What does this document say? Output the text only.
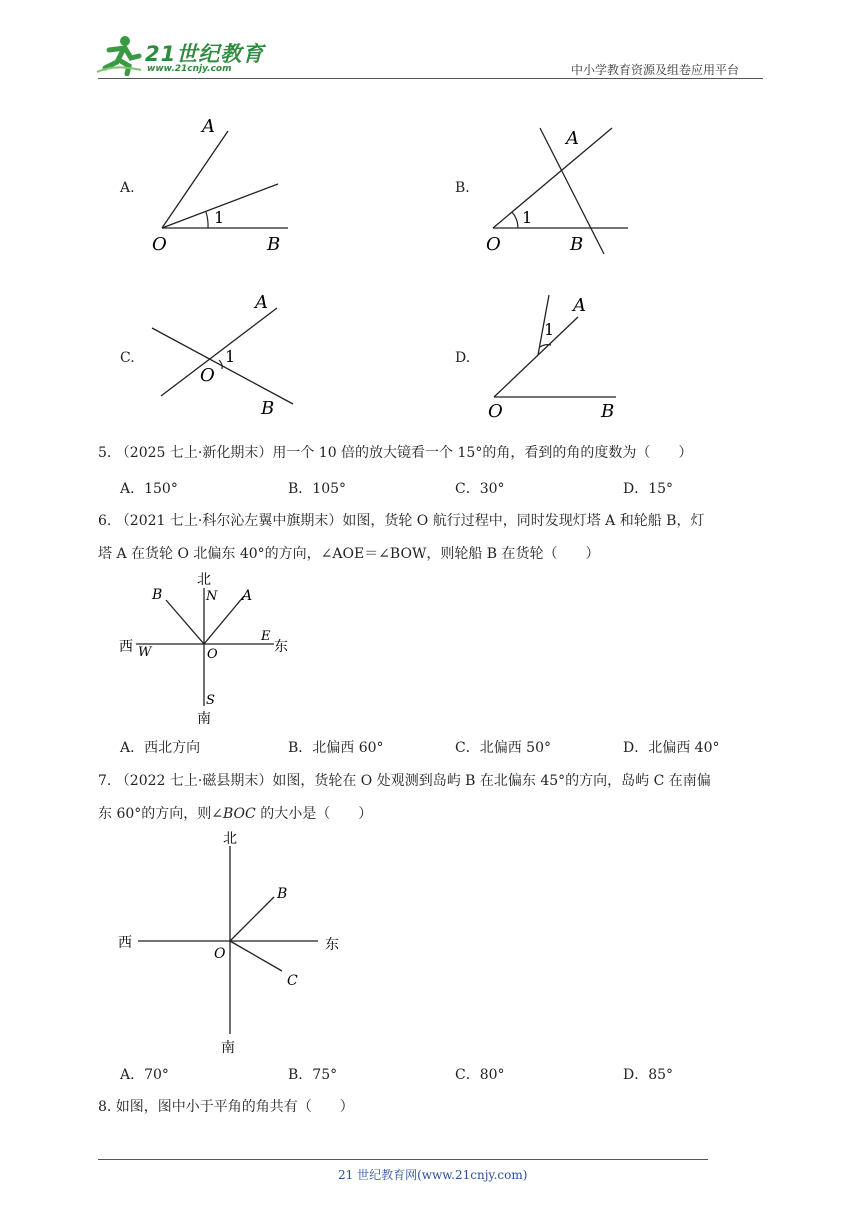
21世纪教育
www.21cnjy.com	中小学教育资源及组卷应用平台
A.
A
O	B
1
B.
A
O	B
1
C.
A
O
B
1	D.
A
O	B
1
5. （2025 七上·新化期末）用一个 10 倍的放大镜看一个 15°的角，看到的角的度数为（　　）
A．150°	B．105°	C．30°	D．15°
6. （2021 七上·科尔沁左翼中旗期末）如图，货轮 O 航行过程中，同时发现灯塔 A 和轮船 B，灯
塔 A 在货轮 O 北偏东 40°的方向，∠AOE＝∠BOW，则轮船 B 在货轮（　　）
北
N A
B
西 W	O
E
东
S
南
A．西北方向	B．北偏西 60°	C．北偏西 50°	D．北偏西 40°
7. （2022 七上·磁县期末）如图，货轮在 O 处观测到岛屿 B 在北偏东 45°的方向，岛屿 C 在南偏
东 60°的方向，则∠BOC 的大小是（　　）
北
B
西	东
O
C
南
A．70°	B．75°	C．80°	D．85°
8. 如图，图中小于平角的角共有（　　）
21 世纪教育网(www.21cnjy.com)
